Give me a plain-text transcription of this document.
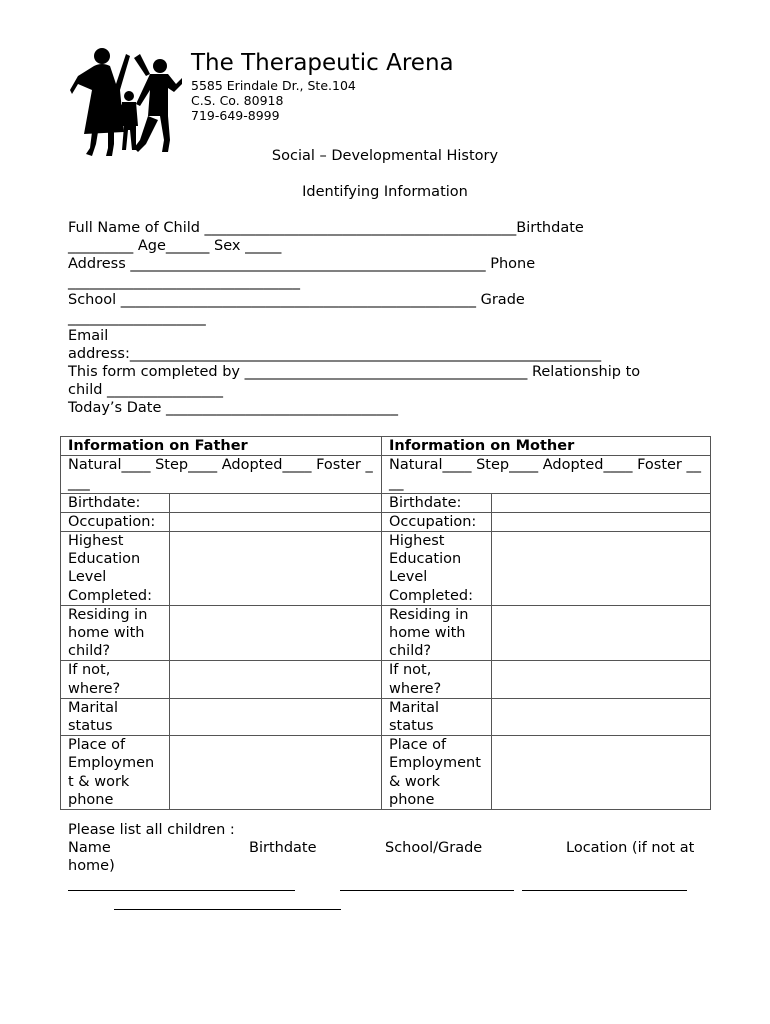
The Therapeutic Arena
5585 Erindale Dr., Ste.104
C.S. Co. 80918
719-649-8999
Social – Developmental History
Identifying Information
Full Name of Child ___________________________________________Birthdate
_________ Age______ Sex _____
Address _________________________________________________ Phone
________________________________
School _________________________________________________ Grade
___________________
Email
address:_________________________________________________________________
This form completed by _______________________________________ Relationship to
child ________________
Today’s Date ________________________________
Information on Father		Information on Mother	
Natural____ Step____ Adopted____ Foster ____		Natural____ Step____ Adopted____ Foster ____	
Birthdate:		Birthdate:	
Occupation:		Occupation:	
Highest Education Level Completed:		Highest Education Level Completed:	
Residing in home with child?		Residing in home with child?	
If not, where?		If not, where?	
Marital status		Marital status	
Place of Employmen t & work phone		Place of Employment & work phone	
Please list all children :
Name	Birthdate	School/Grade	Location (if not at
home)
